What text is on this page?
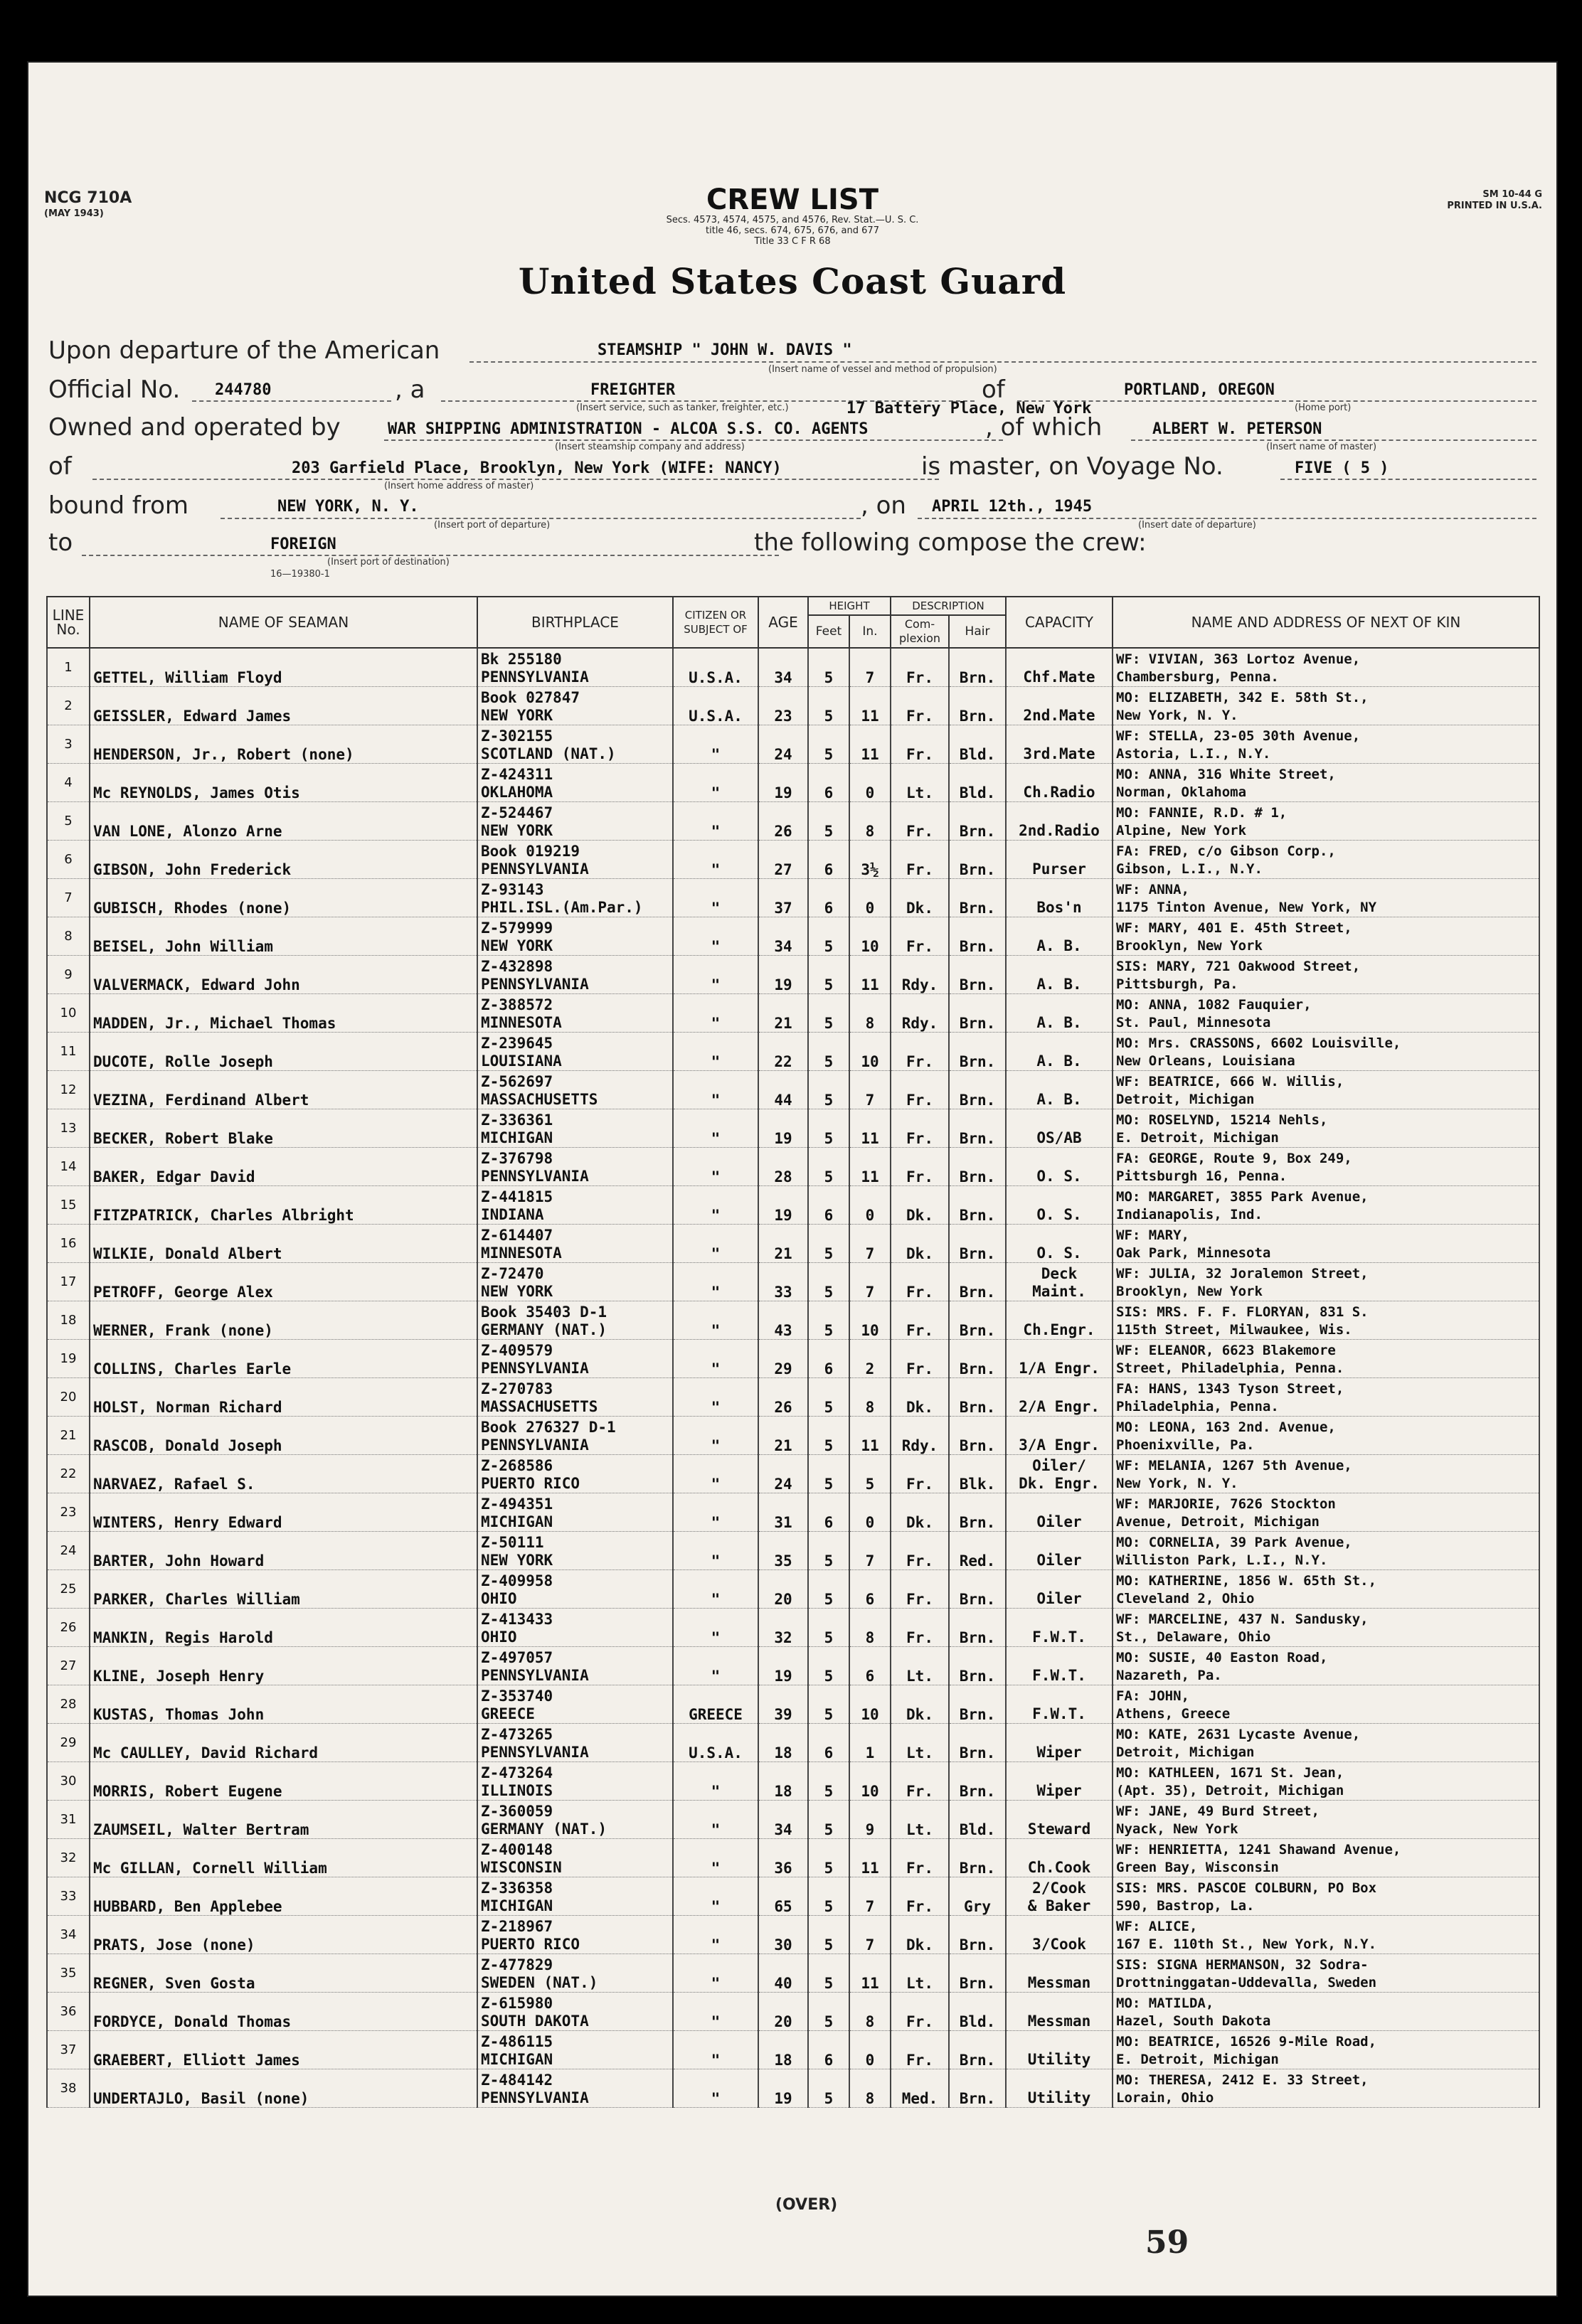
NCG 710A
(MAY 1943)
SM 10-44 G
PRINTED IN U.S.A.
CREW LIST
Secs. 4573, 4574, 4575, and 4576, Rev. Stat.—U. S. C.
title 46, secs. 674, 675, 676, and 677
Title 33 C F R 68
United States Coast Guard
Upon departure of the American	STEAMSHIP " JOHN W. DAVIS "
(Insert name of vessel and method of propulsion)
Official No. 244780	, a	FREIGHTER
(Insert service, such as tanker, freighter, etc.)	17 Battery Place, New York
of	PORTLAND, OREGON
(Home port)
Owned and operated by	WAR SHIPPING ADMINISTRATION - ALCOA S.S. CO. AGENTS
(Insert steamship company and address)
, of which	ALBERT W. PETERSON
(Insert name of master)
of	203 Garfield Place, Brooklyn, New York (WIFE: NANCY)
(Insert home address of master)
is master, on Voyage No.	FIVE ( 5 )
bound from	NEW YORK, N. Y.
(Insert port of departure)
, on APRIL 12th., 1945
(Insert date of departure)
to	FOREIGN
(Insert port of destination)
16—19380-1
the following compose the crew:
LINE No.	NAME OF SEAMAN	BIRTHPLACE	CITIZEN OR SUBJECT OF	AGE	HEIGHT		DESCRIPTION		CAPACITY	NAME AND ADDRESS OF NEXT OF KIN
					Feet	In.	Com- plexion	Hair		
1	GETTEL, William Floyd	Bk 255180
PENNSYLVANIA	U.S.A.	34	5	7	Fr.	Brn.	Chf.Mate	WF: VIVIAN, 363 Lortoz Avenue,
Chambersburg, Penna.

2	GEISSLER, Edward James	Book 027847
NEW YORK	U.S.A.	23	5	11	Fr.	Brn.	2nd.Mate	MO: ELIZABETH, 342 E. 58th St.,
New York, N. Y.

3	HENDERSON, Jr., Robert (none)	Z-302155
SCOTLAND (NAT.)	"	24	5	11	Fr.	Bld.	3rd.Mate	WF: STELLA, 23-05 30th Avenue,
Astoria, L.I., N.Y.

4	Mc REYNOLDS, James Otis	Z-424311
OKLAHOMA	"	19	6	0	Lt.	Bld.	Ch.Radio	MO: ANNA, 316 White Street,
Norman, Oklahoma

5	VAN LONE, Alonzo Arne	Z-524467
NEW YORK	"	26	5	8	Fr.	Brn.	2nd.Radio	MO: FANNIE, R.D. # 1,
Alpine, New York

6	GIBSON, John Frederick	Book 019219
PENNSYLVANIA	"	27	6	3½	Fr.	Brn.	Purser	FA: FRED, c/o Gibson Corp.,
Gibson, L.I., N.Y.

7	GUBISCH, Rhodes (none)	Z-93143
PHIL.ISL.(Am.Par.)	"	37	6	0	Dk.	Brn.	Bos'n	WF: ANNA,
1175 Tinton Avenue, New York, NY

8	BEISEL, John William	Z-579999
NEW YORK	"	34	5	10	Fr.	Brn.	A. B.	WF: MARY, 401 E. 45th Street,
Brooklyn, New York

9	VALVERMACK, Edward John	Z-432898
PENNSYLVANIA	"	19	5	11	Rdy.	Brn.	A. B.	SIS: MARY, 721 Oakwood Street,
Pittsburgh, Pa.

10	MADDEN, Jr., Michael Thomas	Z-388572
MINNESOTA	"	21	5	8	Rdy.	Brn.	A. B.	MO: ANNA, 1082 Fauquier,
St. Paul, Minnesota

11	DUCOTE, Rolle Joseph	Z-239645
LOUISIANA	"	22	5	10	Fr.	Brn.	A. B.	MO: Mrs. CRASSONS, 6602 Louisville,
New Orleans, Louisiana

12	VEZINA, Ferdinand Albert	Z-562697
MASSACHUSETTS	"	44	5	7	Fr.	Brn.	A. B.	WF: BEATRICE, 666 W. Willis,
Detroit, Michigan

13	BECKER, Robert Blake	Z-336361
MICHIGAN	"	19	5	11	Fr.	Brn.	OS/AB	MO: ROSELYND, 15214 Nehls,
E. Detroit, Michigan

14	BAKER, Edgar David	Z-376798
PENNSYLVANIA	"	28	5	11	Fr.	Brn.	O. S.	FA: GEORGE, Route 9, Box 249,
Pittsburgh 16, Penna.

15	FITZPATRICK, Charles Albright	Z-441815
INDIANA	"	19	6	0	Dk.	Brn.	O. S.	MO: MARGARET, 3855 Park Avenue,
Indianapolis, Ind.

16	WILKIE, Donald Albert	Z-614407
MINNESOTA	"	21	5	7	Dk.	Brn.	O. S.	WF: MARY,
Oak Park, Minnesota

17	PETROFF, George Alex	Z-72470
NEW YORK	"	33	5	7	Fr.	Brn.	Deck
Maint.	WF: JULIA, 32 Joralemon Street,
Brooklyn, New York

18	WERNER, Frank (none)	Book 35403 D-1
GERMANY (NAT.)	"	43	5	10	Fr.	Brn.	Ch.Engr.	SIS: MRS. F. F. FLORYAN, 831 S.
115th Street, Milwaukee, Wis.

19	COLLINS, Charles Earle	Z-409579
PENNSYLVANIA	"	29	6	2	Fr.	Brn.	1/A Engr.	WF: ELEANOR, 6623 Blakemore
Street, Philadelphia, Penna.

20	HOLST, Norman Richard	Z-270783
MASSACHUSETTS	"	26	5	8	Dk.	Brn.	2/A Engr.	FA: HANS, 1343 Tyson Street,
Philadelphia, Penna.

21	RASCOB, Donald Joseph	Book 276327 D-1
PENNSYLVANIA	"	21	5	11	Rdy.	Brn.	3/A Engr.	MO: LEONA, 163 2nd. Avenue,
Phoenixville, Pa.

22	NARVAEZ, Rafael S.	Z-268586
PUERTO RICO	"	24	5	5	Fr.	Blk.	Oiler/
Dk. Engr.	WF: MELANIA, 1267 5th Avenue,
New York, N. Y.

23	WINTERS, Henry Edward	Z-494351
MICHIGAN	"	31	6	0	Dk.	Brn.	Oiler	WF: MARJORIE, 7626 Stockton
Avenue, Detroit, Michigan

24	BARTER, John Howard	Z-50111
NEW YORK	"	35	5	7	Fr.	Red.	Oiler	MO: CORNELIA, 39 Park Avenue,
Williston Park, L.I., N.Y.

25	PARKER, Charles William	Z-409958
OHIO	"	20	5	6	Fr.	Brn.	Oiler	MO: KATHERINE, 1856 W. 65th St.,
Cleveland 2, Ohio

26	MANKIN, Regis Harold	Z-413433
OHIO	"	32	5	8	Fr.	Brn.	F.W.T.	WF: MARCELINE, 437 N. Sandusky,
St., Delaware, Ohio

27	KLINE, Joseph Henry	Z-497057
PENNSYLVANIA	"	19	5	6	Lt.	Brn.	F.W.T.	MO: SUSIE, 40 Easton Road,
Nazareth, Pa.

28	KUSTAS, Thomas John	Z-353740
GREECE	GREECE	39	5	10	Dk.	Brn.	F.W.T.	FA: JOHN,
Athens, Greece

29	Mc CAULLEY, David Richard	Z-473265
PENNSYLVANIA	U.S.A.	18	6	1	Lt.	Brn.	Wiper	MO: KATE, 2631 Lycaste Avenue,
Detroit, Michigan

30	MORRIS, Robert Eugene	Z-473264
ILLINOIS	"	18	5	10	Fr.	Brn.	Wiper	MO: KATHLEEN, 1671 St. Jean,
(Apt. 35), Detroit, Michigan

31	ZAUMSEIL, Walter Bertram	Z-360059
GERMANY (NAT.)	"	34	5	9	Lt.	Bld.	Steward	WF: JANE, 49 Burd Street,
Nyack, New York

32	Mc GILLAN, Cornell William	Z-400148
WISCONSIN	"	36	5	11	Fr.	Brn.	Ch.Cook	WF: HENRIETTA, 1241 Shawand Avenue,
Green Bay, Wisconsin

33	HUBBARD, Ben Applebee	Z-336358
MICHIGAN	"	65	5	7	Fr.	Gry	2/Cook
& Baker	SIS: MRS. PASCOE COLBURN, PO Box
590, Bastrop, La.

34	PRATS, Jose (none)	Z-218967
PUERTO RICO	"	30	5	7	Dk.	Brn.	3/Cook	WF: ALICE,
167 E. 110th St., New York, N.Y.

35	REGNER, Sven Gosta	Z-477829
SWEDEN (NAT.)	"	40	5	11	Lt.	Brn.	Messman	SIS: SIGNA HERMANSON, 32 Sodra-
Drottninggatan-Uddevalla, Sweden

36	FORDYCE, Donald Thomas	Z-615980
SOUTH DAKOTA	"	20	5	8	Fr.	Bld.	Messman	MO: MATILDA,
Hazel, South Dakota

37	GRAEBERT, Elliott James	Z-486115
MICHIGAN	"	18	6	0	Fr.	Brn.	Utility	MO: BEATRICE, 16526 9-Mile Road,
E. Detroit, Michigan

38	UNDERTAJLO, Basil (none)	Z-484142
PENNSYLVANIA	"	19	5	8	Med.	Brn.	Utility	MO: THERESA, 2412 E. 33 Street,
Lorain, Ohio
(OVER)
59
